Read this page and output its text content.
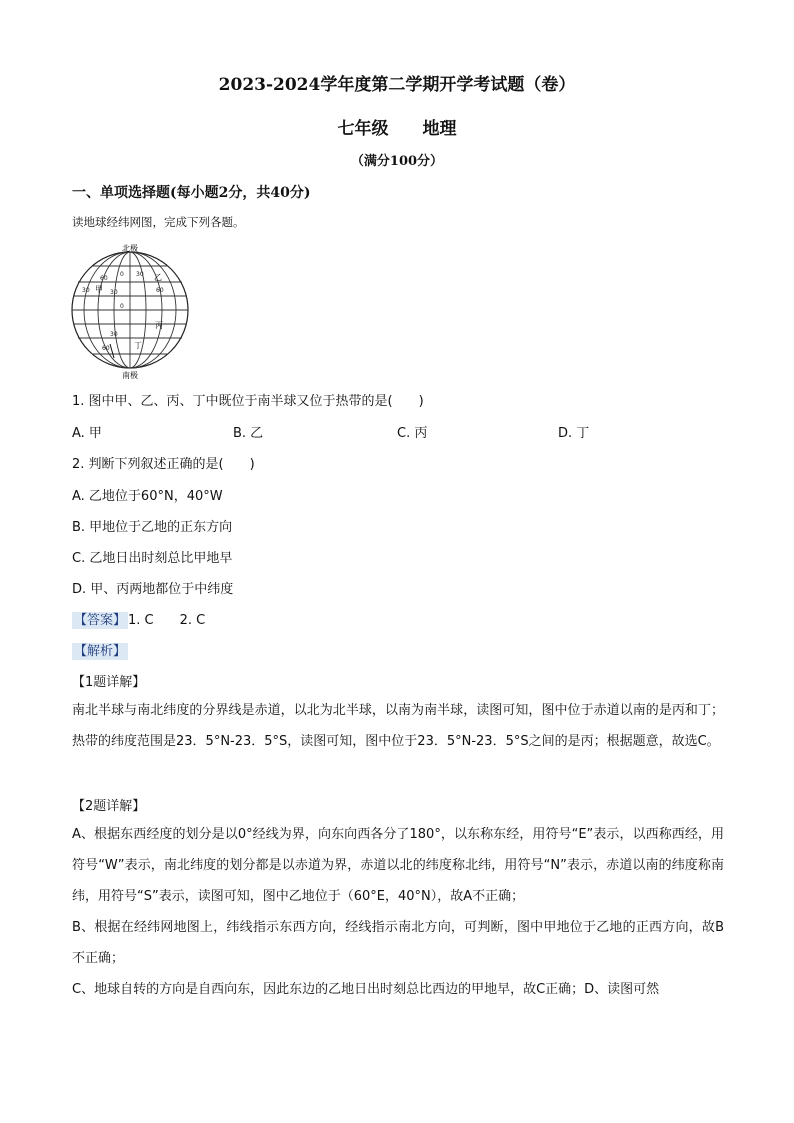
2023-2024学年度第二学期开学考试题（卷）
七年级 地理
（满分100分）
一、单项选择题(每小题2分，共40分)
读地球经纬网图，完成下列各题。
北极
60
30
0
30
60
30
0 30
60
甲
乙
丙
丁
南极
1. 图中甲、乙、丙、丁中既位于南半球又位于热带的是(　　)
A. 甲	B. 乙	C. 丙	D. 丁
2. 判断下列叙述正确的是(　　)
A. 乙地位于60°N，40°W
B. 甲地位于乙地的正东方向
C. 乙地日出时刻总比甲地早
D. 甲、丙两地都位于中纬度
【答案】 1. C　　2. C
【解析】
【1题详解】
南北半球与南北纬度的分界线是赤道，以北为北半球，以南为南半球，读图可知，图中位于赤道以南的是丙和丁；热带的纬度范围是23．5°N-23．5°S，读图可知，图中位于23．5°N-23．5°S之间的是丙；根据题意，故选C。
【2题详解】
A、根据东西经度的划分是以0°经线为界，向东向西各分了180°，以东称东经，用符号“E”表示，以西称西经，用符号“W”表示，南北纬度的划分都是以赤道为界，赤道以北的纬度称北纬，用符号“N”表示，赤道以南的纬度称南纬，用符号“S”表示，读图可知，图中乙地位于（60°E，40°N），故A不正确；
B、根据在经纬网地图上，纬线指示东西方向，经线指示南北方向，可判断，图中甲地位于乙地的正西方向，故B不正确；
C、地球自转的方向是自西向东，因此东边的乙地日出时刻总比西边的甲地早，故C正确；D、读图可然
